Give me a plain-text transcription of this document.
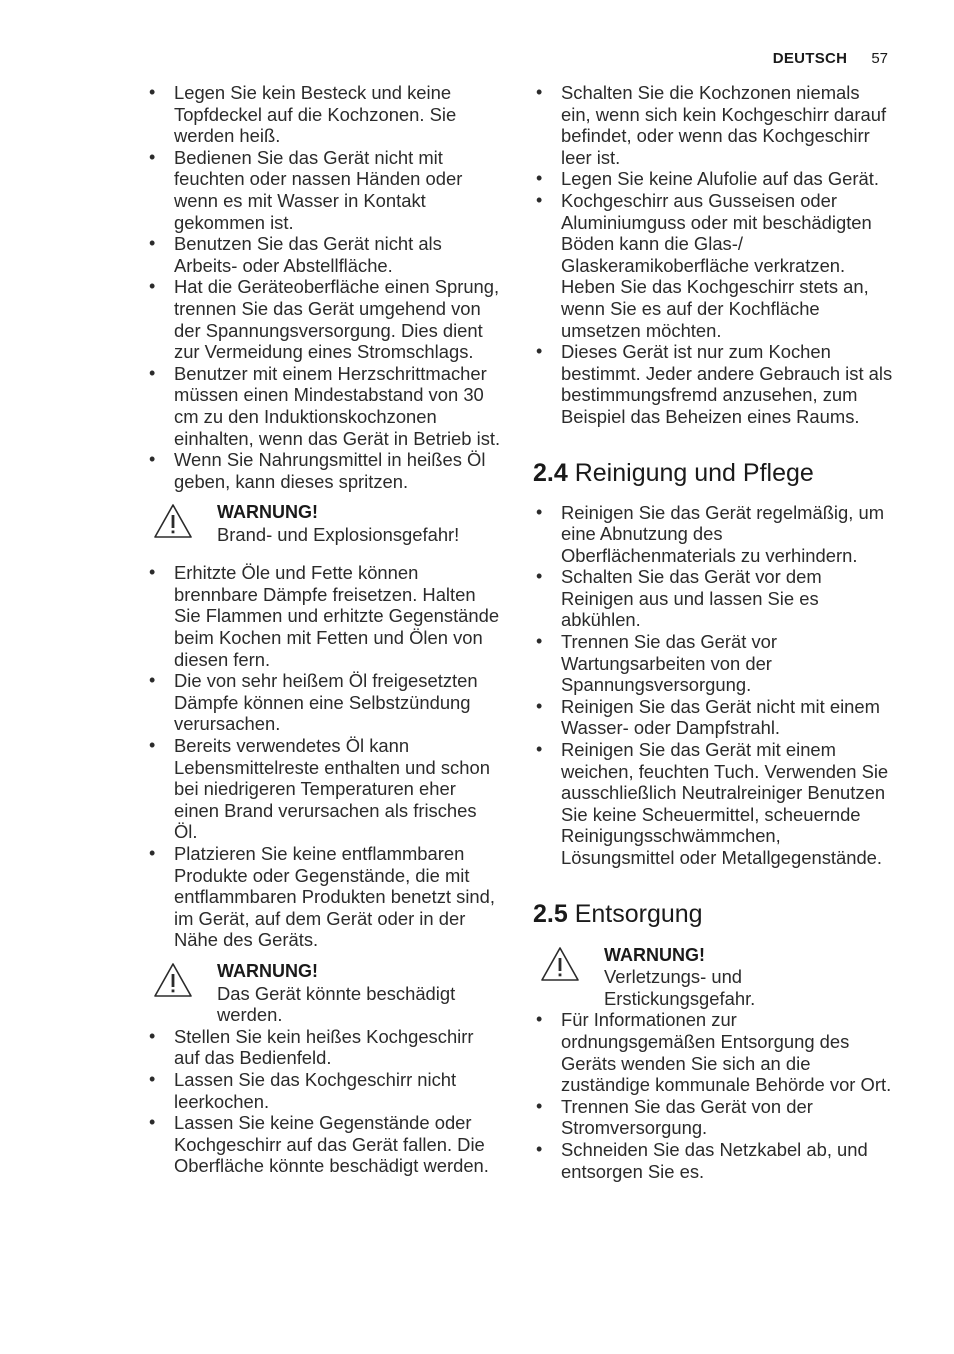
DEUTSCH 57
• Legen Sie kein Besteck und keine Topfdeckel auf die Kochzonen. Sie werden heiß.
• Bedienen Sie das Gerät nicht mit feuchten oder nassen Händen oder wenn es mit Wasser in Kontakt gekommen ist.
• Benutzen Sie das Gerät nicht als Arbeits- oder Abstellfläche.
• Hat die Geräteoberfläche einen Sprung, trennen Sie das Gerät umgehend von der Spannungsversorgung. Dies dient zur Vermeidung eines Stromschlags.
• Benutzer mit einem Herzschrittmacher müssen einen Mindestabstand von 30 cm zu den Induktionskochzonen einhalten, wenn das Gerät in Betrieb ist.
• Wenn Sie Nahrungsmittel in heißes Öl geben, kann dieses spritzen.
WARNUNG!
Brand- und Explosionsgefahr!
• Erhitzte Öle und Fette können brennbare Dämpfe freisetzen. Halten Sie Flammen und erhitzte Gegenstände beim Kochen mit Fetten und Ölen von diesen fern.
• Die von sehr heißem Öl freigesetzten Dämpfe können eine Selbstzündung verursachen.
• Bereits verwendetes Öl kann Lebensmittelreste enthalten und schon bei niedrigeren Temperaturen eher einen Brand verursachen als frisches Öl.
• Platzieren Sie keine entflammbaren Produkte oder Gegenstände, die mit entflammbaren Produkten benetzt sind, im Gerät, auf dem Gerät oder in der Nähe des Geräts.
WARNUNG!
Das Gerät könnte beschädigt werden.
• Stellen Sie kein heißes Kochgeschirr auf das Bedienfeld.
• Lassen Sie das Kochgeschirr nicht leerkochen.
• Lassen Sie keine Gegenstände oder Kochgeschirr auf das Gerät fallen. Die Oberfläche könnte beschädigt werden.
• Schalten Sie die Kochzonen niemals ein, wenn sich kein Kochgeschirr darauf befindet, oder wenn das Kochgeschirr leer ist.
• Legen Sie keine Alufolie auf das Gerät.
• Kochgeschirr aus Gusseisen oder Aluminiumguss oder mit beschädigten Böden kann die Glas-/ Glaskeramikoberfläche verkratzen. Heben Sie das Kochgeschirr stets an, wenn Sie es auf der Kochfläche umsetzen möchten.
• Dieses Gerät ist nur zum Kochen bestimmt. Jeder andere Gebrauch ist als bestimmungsfremd anzusehen, zum Beispiel das Beheizen eines Raums.
2.4 Reinigung und Pflege
• Reinigen Sie das Gerät regelmäßig, um eine Abnutzung des Oberflächenmaterials zu verhindern.
• Schalten Sie das Gerät vor dem Reinigen aus und lassen Sie es abkühlen.
• Trennen Sie das Gerät vor Wartungsarbeiten von der Spannungsversorgung.
• Reinigen Sie das Gerät nicht mit einem Wasser- oder Dampfstrahl.
• Reinigen Sie das Gerät mit einem weichen, feuchten Tuch. Verwenden Sie ausschließlich Neutralreiniger Benutzen Sie keine Scheuermittel, scheuernde Reinigungsschwämmchen, Lösungsmittel oder Metallgegenstände.
2.5 Entsorgung
WARNUNG!
Verletzungs- und Erstickungsgefahr.
• Für Informationen zur ordnungsgemäßen Entsorgung des Geräts wenden Sie sich an die zuständige kommunale Behörde vor Ort.
• Trennen Sie das Gerät von der Stromversorgung.
• Schneiden Sie das Netzkabel ab, und entsorgen Sie es.
